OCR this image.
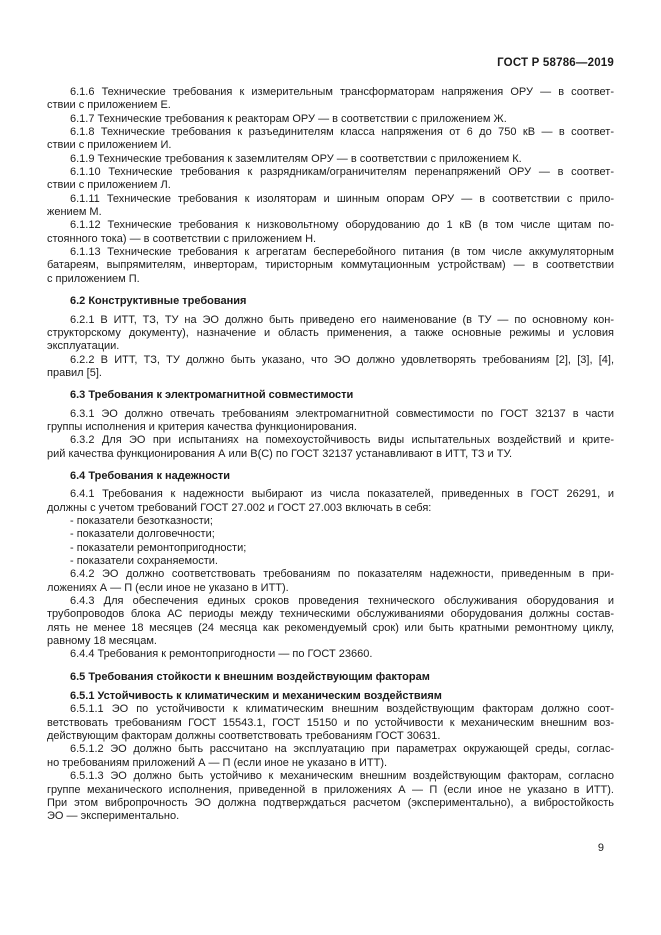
ГОСТ Р 58786—2019
6.1.6 Технические требования к измерительным трансформаторам напряжения ОРУ — в соответ-
ствии с приложением Е.
6.1.7 Технические требования к реакторам ОРУ — в соответствии с приложением Ж.
6.1.8 Технические требования к разъединителям класса напряжения от 6 до 750 кВ — в соответ-
ствии с приложением И.
6.1.9 Технические требования к заземлителям ОРУ — в соответствии с приложением К.
6.1.10 Технические требования к разрядникам/ограничителям перенапряжений ОРУ — в соответ-
ствии с приложением Л.
6.1.11 Технические требования к изоляторам и шинным опорам ОРУ — в соответствии с прило-
жением М.
6.1.12 Технические требования к низковольтному оборудованию до 1 кВ (в том числе щитам по-
стоянного тока) — в соответствии с приложением Н.
6.1.13 Технические требования к агрегатам бесперебойного питания (в том числе аккумуляторным
батареям, выпрямителям, инверторам, тиристорным коммутационным устройствам) — в соответствии
с приложением П.
6.2 Конструктивные требования
6.2.1 В ИТТ, ТЗ, ТУ на ЭО должно быть приведено его наименование (в ТУ — по основному кон-
структорскому документу), назначение и область применения, а также основные режимы и условия
эксплуатации.
6.2.2 В ИТТ, ТЗ, ТУ должно быть указано, что ЭО должно удовлетворять требованиям [2], [3], [4],
правил [5].
6.3 Требования к электромагнитной совместимости
6.3.1 ЭО должно отвечать требованиям электромагнитной совместимости по ГОСТ 32137 в части
группы исполнения и критерия качества функционирования.
6.3.2 Для ЭО при испытаниях на помехоустойчивость виды испытательных воздействий и крите-
рий качества функционирования А или В(С) по ГОСТ 32137 устанавливают в ИТТ, ТЗ и ТУ.
6.4 Требования к надежности
6.4.1 Требования к надежности выбирают из числа показателей, приведенных в ГОСТ 26291, и
должны с учетом требований ГОСТ 27.002 и ГОСТ 27.003 включать в себя:
- показатели безотказности;
- показатели долговечности;
- показатели ремонтопригодности;
- показатели сохраняемости.
6.4.2 ЭО должно соответствовать требованиям по показателям надежности, приведенным в при-
ложениях А — П (если иное не указано в ИТТ).
6.4.3 Для обеспечения единых сроков проведения технического обслуживания оборудования и
трубопроводов блока АС периоды между техническими обслуживаниями оборудования должны состав-
лять не менее 18 месяцев (24 месяца как рекомендуемый срок) или быть кратными ремонтному циклу,
равному 18 месяцам.
6.4.4 Требования к ремонтопригодности — по ГОСТ 23660.
6.5 Требования стойкости к внешним воздействующим факторам
6.5.1 Устойчивость к климатическим и механическим воздействиям
6.5.1.1 ЭО по устойчивости к климатическим внешним воздействующим факторам должно соот-
ветствовать требованиям ГОСТ 15543.1, ГОСТ 15150 и по устойчивости к механическим внешним воз-
действующим факторам должны соответствовать требованиям ГОСТ 30631.
6.5.1.2 ЭО должно быть рассчитано на эксплуатацию при параметрах окружающей среды, соглас-
но требованиям приложений А — П (если иное не указано в ИТТ).
6.5.1.3 ЭО должно быть устойчиво к механическим внешним воздействующим факторам, согласно
группе механического исполнения, приведенной в приложениях А — П (если иное не указано в ИТТ).
При этом вибропрочность ЭО должна подтверждаться расчетом (экспериментально), а вибростойкость
ЭО — экспериментально.
9
